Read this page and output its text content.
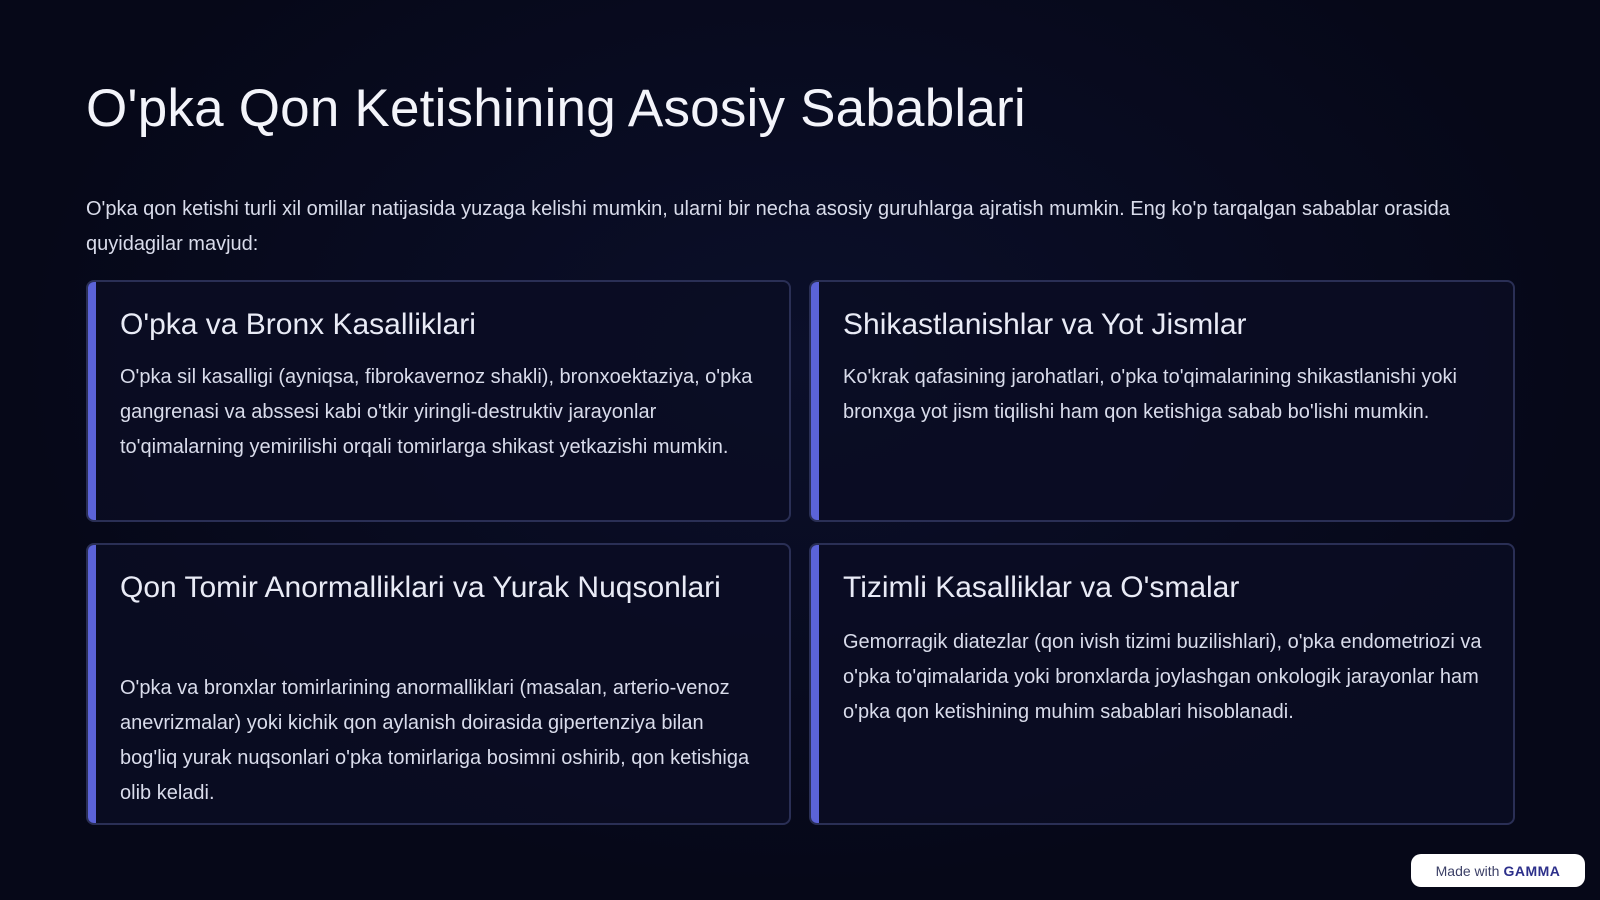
O'pka Qon Ketishining Asosiy Sabablari

O'pka qon ketishi turli xil omillar natijasida yuzaga kelishi mumkin, ularni bir necha asosiy guruhlarga ajratish mumkin. Eng ko'p tarqalgan sabablar orasida quyidagilar mavjud:

O'pka va Bronx Kasalliklari

O'pka sil kasalligi (ayniqsa, fibrokavernoz shakli), bronxoektaziya, o'pka gangrenasi va abssesi kabi o'tkir yiringli-destruktiv jarayonlar to'qimalarning yemirilishi orqali tomirlarga shikast yetkazishi mumkin.

Shikastlanishlar va Yot Jismlar

Ko'krak qafasining jarohatlari, o'pka to'qimalarining shikastlanishi yoki bronxga yot jism tiqilishi ham qon ketishiga sabab bo'lishi mumkin.

Qon Tomir Anormalliklari va Yurak Nuqsonlari

O'pka va bronxlar tomirlarining anormalliklari (masalan, arterio-venoz anevrizmalar) yoki kichik qon aylanish doirasida gipertenziya bilan bog'liq yurak nuqsonlari o'pka tomirlariga bosimni oshirib, qon ketishiga olib keladi.

Tizimli Kasalliklar va O'smalar

Gemorragik diatezlar (qon ivish tizimi buzilishlari), o'pka endometriozi va o'pka to'qimalarida yoki bronxlarda joylashgan onkologik jarayonlar ham o'pka qon ketishining muhim sabablari hisoblanadi.

Made with GAMMA
